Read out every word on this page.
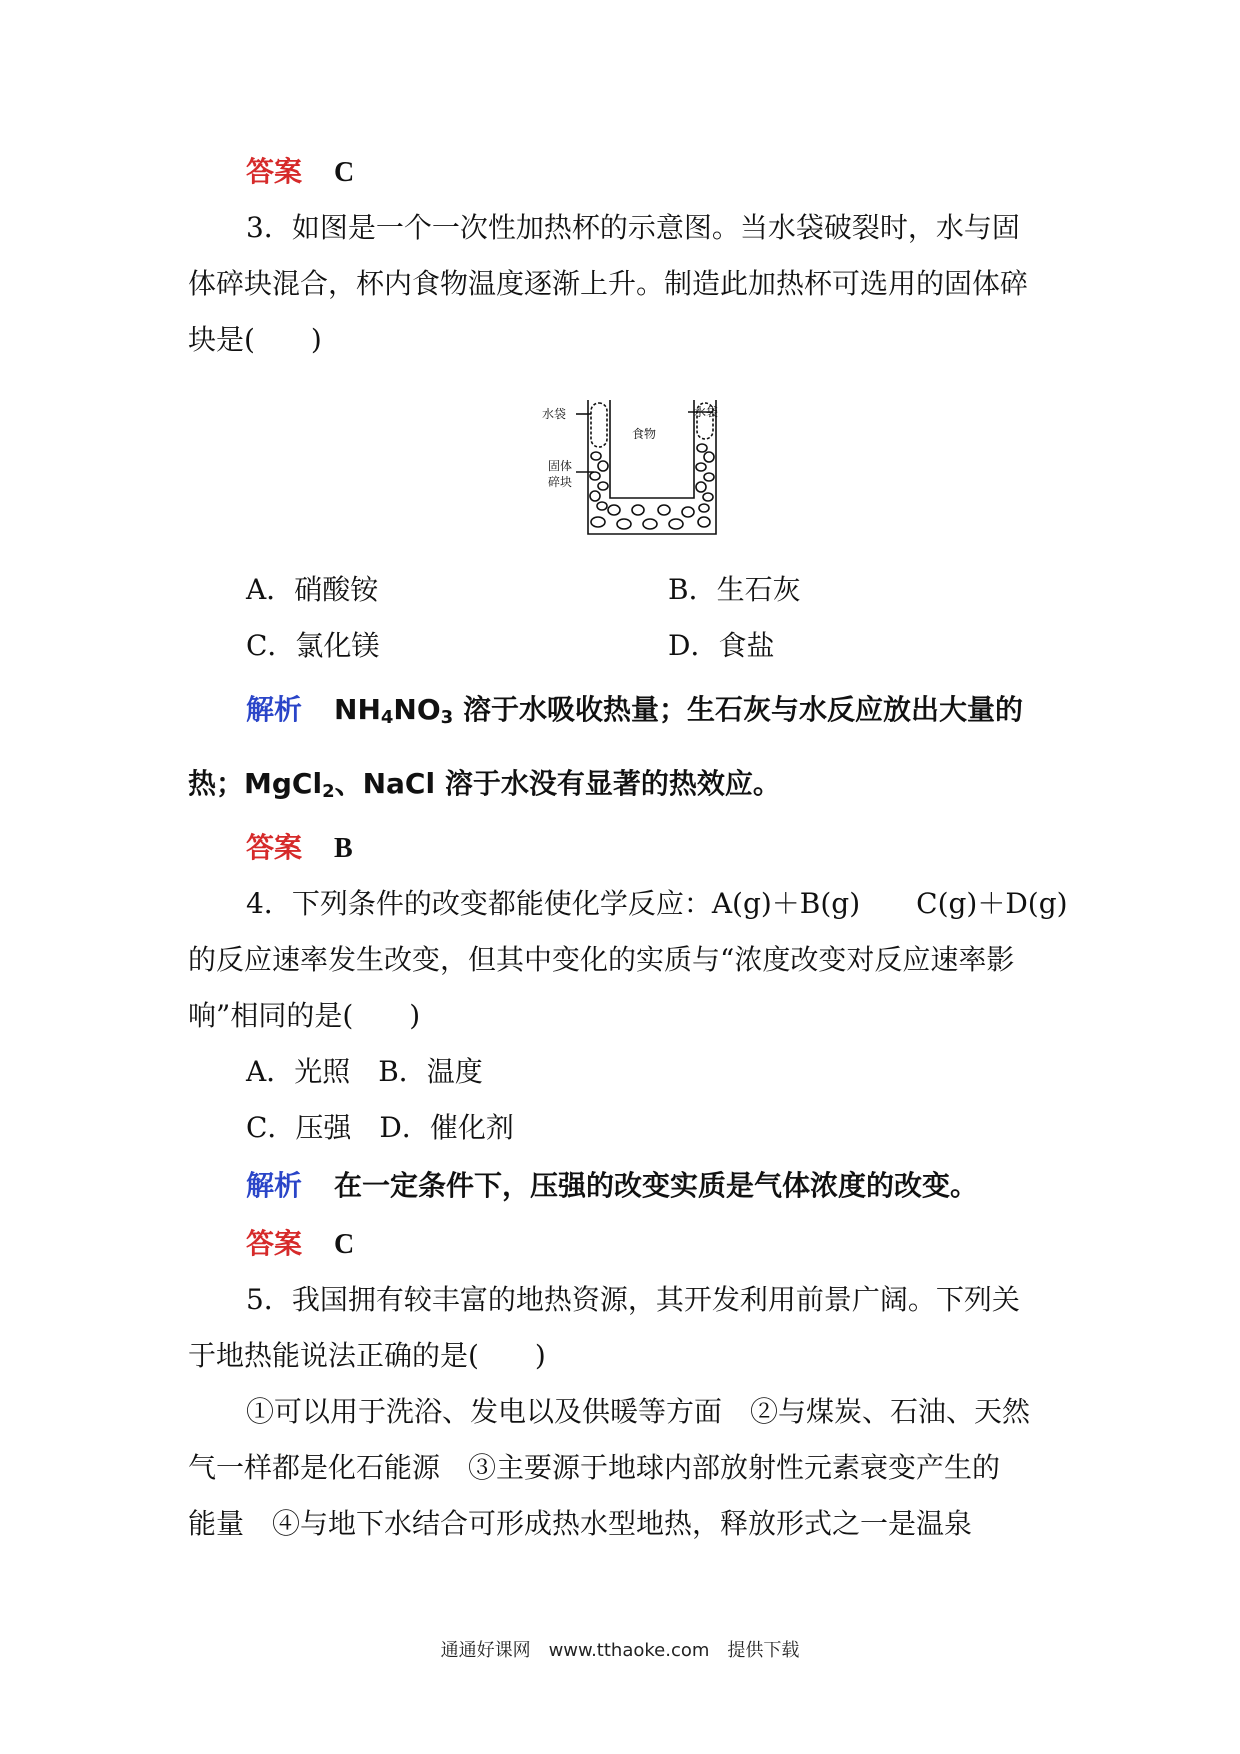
答案 C
3．如图是一个一次性加热杯的示意图。当水袋破裂时，水与固
体碎块混合，杯内食物温度逐渐上升。制造此加热杯可选用的固体碎
块是(　　)
水袋	水袋
食物
固体
碎块
A．硝酸铵	B．生石灰
C．氯化镁	D．食盐
解析 $NH_4NO_3$ 溶于水吸收热量；生石灰与水反应放出大量的
热；MgCl$_2$、NaCl 溶于水没有显著的热效应。
答案 B
4．下列条件的改变都能使化学反应：A(g)＋B(g)　　C(g)＋D(g)
的反应速率发生改变，但其中变化的实质与“浓度改变对反应速率影
响”相同的是(　　)
A．光照　B．温度
C．压强　D．催化剂
解析 在一定条件下，压强的改变实质是气体浓度的改变。
答案 C
5．我国拥有较丰富的地热资源，其开发利用前景广阔。下列关
于地热能说法正确的是(　　)
①可以用于洗浴、发电以及供暖等方面　②与煤炭、石油、天然
气一样都是化石能源　③主要源于地球内部放射性元素衰变产生的
能量　④与地下水结合可形成热水型地热，释放形式之一是温泉
通通好课网　www.tthaoke.com　提供下载
